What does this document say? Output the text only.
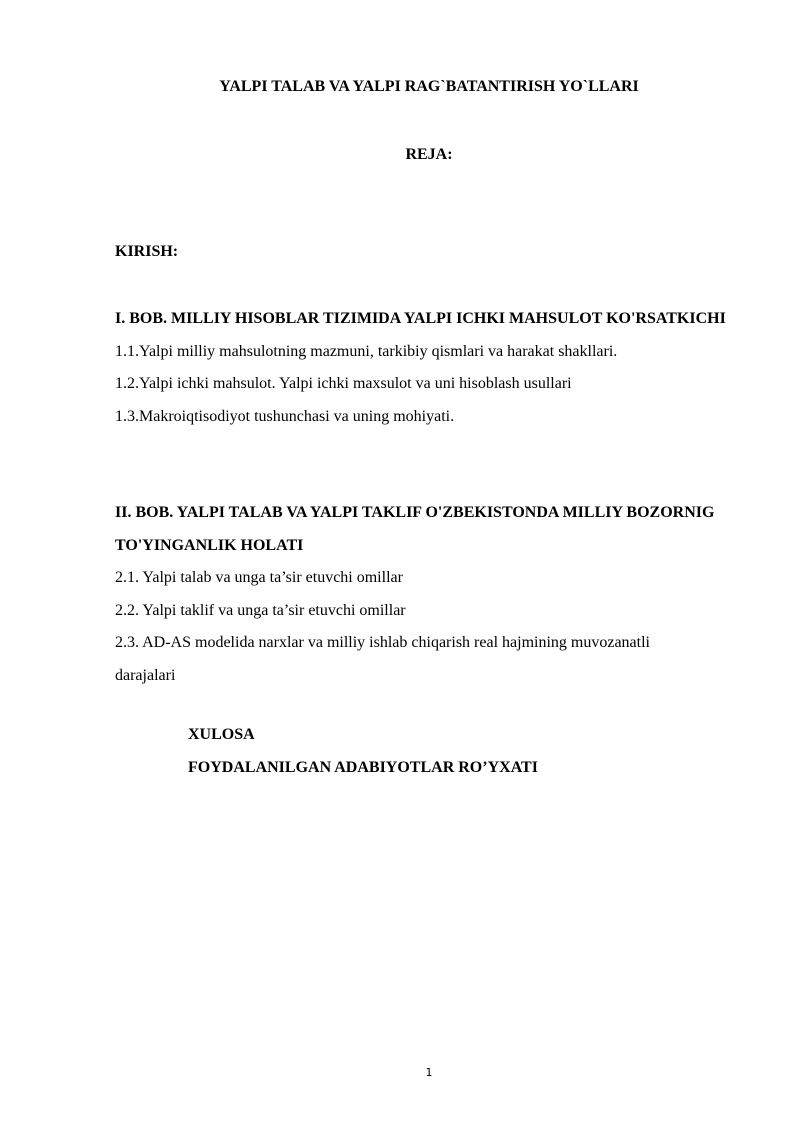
YALPI TALAB VA YALPI RAG`BATANTIRISH YO`LLARI
REJA:

KIRISH:

I. BOB. MILLIY HISOBLAR TIZIMIDA YALPI ICHKI MAHSULOT KO'RSATKICHI
1.1.Yalpi milliy mahsulotning mazmuni, tarkibiy qismlari va harakat shakllari.
1.2.Yalpi ichki mahsulot. Yalpi ichki maxsulot va uni hisoblash usullari
1.3.Makroiqtisodiyot tushunchasi va uning mohiyati.
II. BOB. YALPI TALAB VA YALPI TAKLIF O'ZBEKISTONDA MILLIY BOZORNIG TO'YINGANLIK HOLATI
2.1. Yalpi talab va unga ta’sir etuvchi omillar
2.2. Yalpi taklif va unga ta’sir etuvchi omillar
2.3. AD-AS modelida narxlar va milliy ishlab chiqarish real hajmining muvozanatli darajalari
XULOSA
FOYDALANILGAN ADABIYOTLAR RO’YXATI
1
